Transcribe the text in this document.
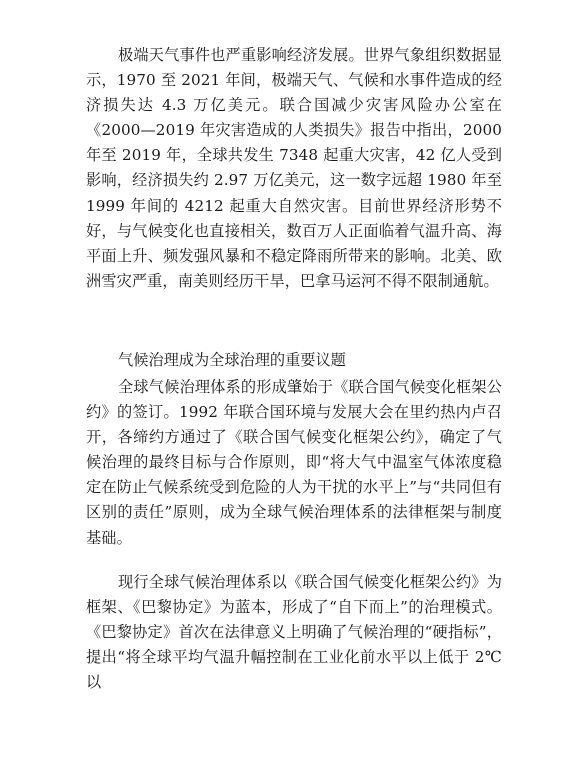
极端天气事件也严重影响经济发展。世界气象组织数据显示，1970 至 2021 年间，极端天气、气候和水事件造成的经济损失达 4.3 万亿美元。联合国减少灾害风险办公室在《2000—2019 年灾害造成的人类损失》报告中指出，2000 年至 2019 年，全球共发生 7348 起重大灾害，42 亿人受到影响，经济损失约 2.97 万亿美元，这一数字远超 1980 年至 1999 年间的 4212 起重大自然灾害。目前世界经济形势不好，与气候变化也直接相关，数百万人正面临着气温升高、海平面上升、频发强风暴和不稳定降雨所带来的影响。北美、欧洲雪灾严重，南美则经历干旱，巴拿马运河不得不限制通航。

气候治理成为全球治理的重要议题

全球气候治理体系的形成肇始于《联合国气候变化框架公约》的签订。1992 年联合国环境与发展大会在里约热内卢召开，各缔约方通过了《联合国气候变化框架公约》，确定了气候治理的最终目标与合作原则，即“将大气中温室气体浓度稳定在防止气候系统受到危险的人为干扰的水平上”与“共同但有区别的责任”原则，成为全球气候治理体系的法律框架与制度基础。

现行全球气候治理体系以《联合国气候变化框架公约》为框架、《巴黎协定》为蓝本，形成了“自下而上”的治理模式。《巴黎协定》首次在法律意义上明确了气候治理的“硬指标”，提出“将全球平均气温升幅控制在工业化前水平以上低于 2℃以
